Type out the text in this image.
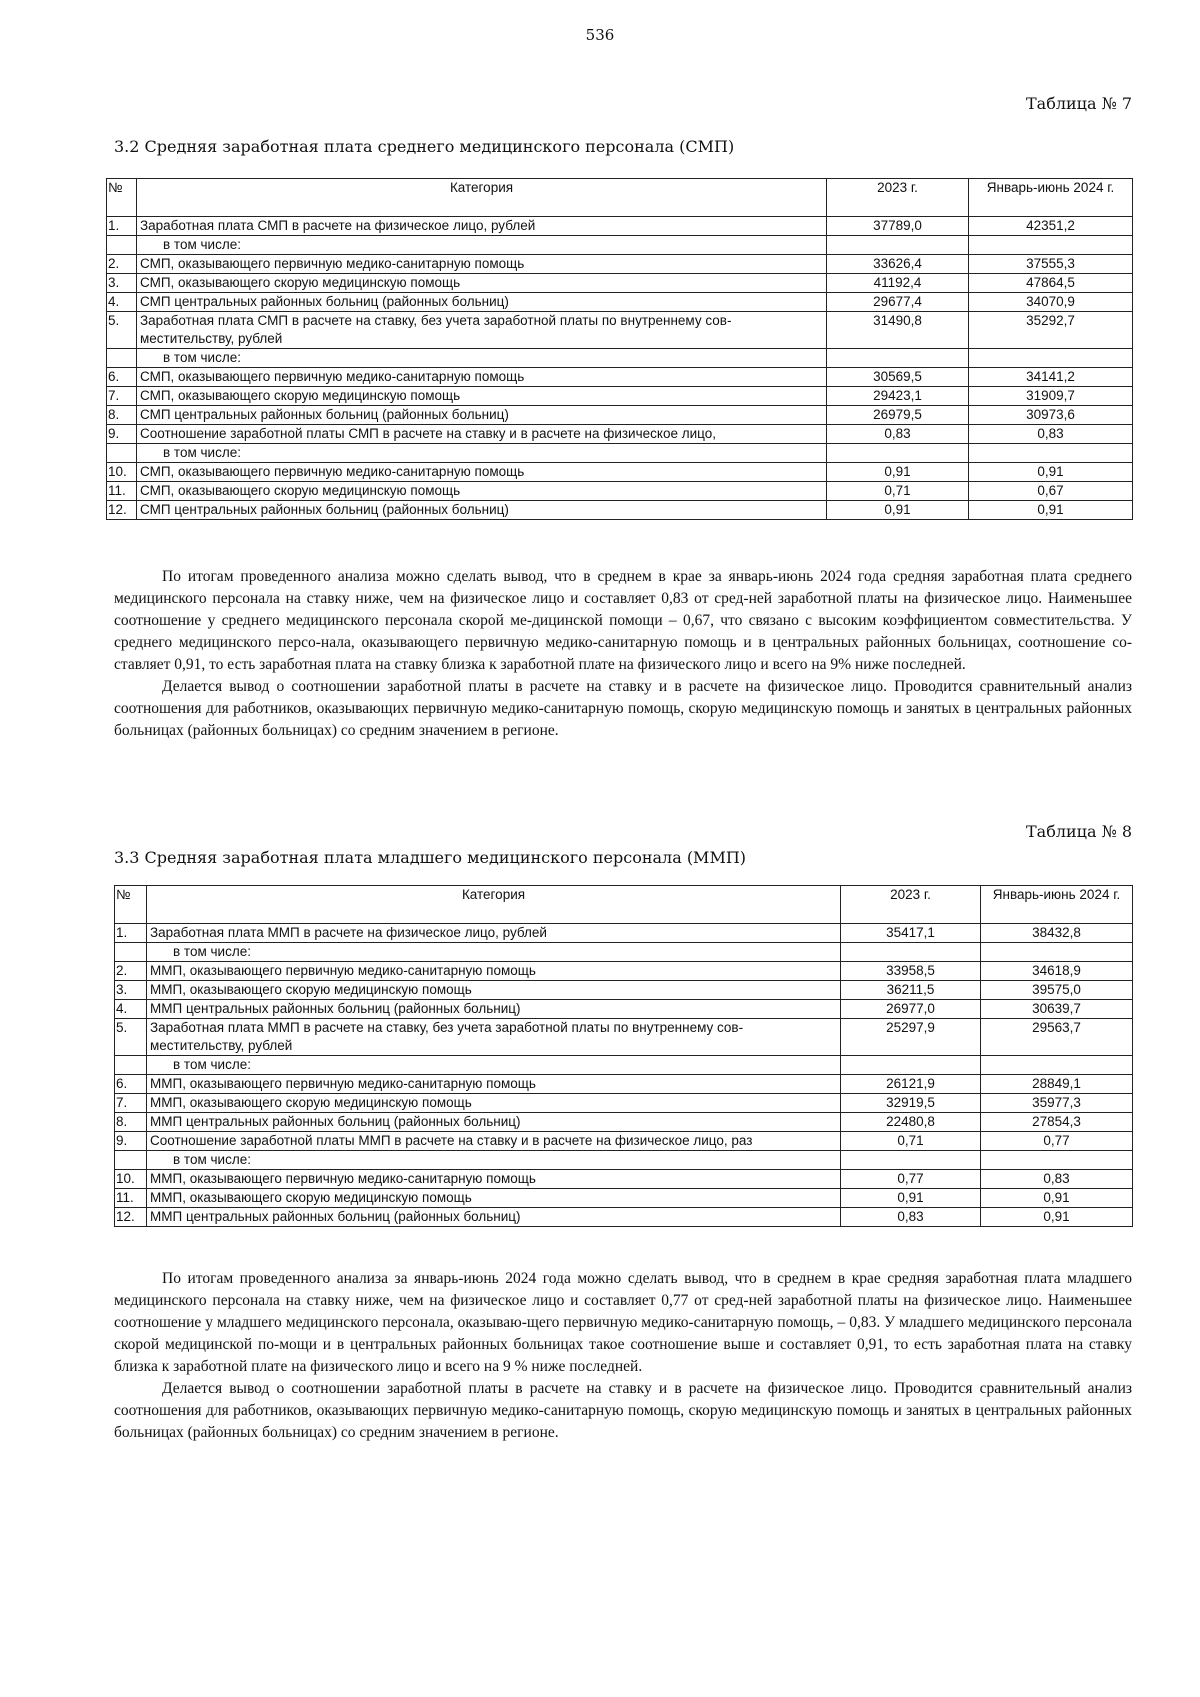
536
Таблица № 7
3.2 Средняя заработная плата среднего медицинского персонала (СМП)
№	Категория	2023 г.	Январь-июнь 2024 г.
1.	Заработная плата СМП в расчете на физическое лицо, рублей	37789,0	42351,2
	в том числе:		
2.	СМП, оказывающего первичную медико-санитарную помощь	33626,4	37555,3
3.	СМП, оказывающего скорую медицинскую помощь	41192,4	47864,5
4.	СМП центральных районных больниц (районных больниц)	29677,4	34070,9
5.	Заработная плата СМП в расчете на ставку, без учета заработной платы по внутреннему сов-местительству, рублей	31490,8	35292,7
	в том числе:		
6.	СМП, оказывающего первичную медико-санитарную помощь	30569,5	34141,2
7.	СМП, оказывающего скорую медицинскую помощь	29423,1	31909,7
8.	СМП центральных районных больниц (районных больниц)	26979,5	30973,6
9.	Соотношение заработной платы СМП в расчете на ставку и в расчете на физическое лицо,	0,83	0,83
	в том числе:		
10.	СМП, оказывающего первичную медико-санитарную помощь	0,91	0,91
11.	СМП, оказывающего скорую медицинскую помощь	0,71	0,67
12.	СМП центральных районных больниц (районных больниц)	0,91	0,91

По итогам проведенного анализа можно сделать вывод, что в среднем в крае за январь-июнь 2024 года средняя заработная плата среднего медицинского персонала на ставку ниже, чем на физическое лицо и составляет 0,83 от сред-ней заработной платы на физическое лицо. Наименьшее соотношение у среднего медицинского персонала скорой ме-дицинской помощи – 0,67, что связано с высоким коэффициентом совместительства. У среднего медицинского персо-нала, оказывающего первичную медико-санитарную помощь и в центральных районных больницах, соотношение со-ставляет 0,91, то есть заработная плата на ставку близка к заработной плате на физического лицо и всего на 9% ниже последней.

Делается вывод о соотношении заработной платы в расчете на ставку и в расчете на физическое лицо. Проводится сравнительный анализ соотношения для работников, оказывающих первичную медико-санитарную помощь, скорую медицинскую помощь и занятых в центральных районных больницах (районных больницах) со средним значением в регионе.

Таблица № 8
3.3 Средняя заработная плата младшего медицинского персонала (ММП)
№	Категория	2023 г.	Январь-июнь 2024 г.
1.	Заработная плата ММП в расчете на физическое лицо, рублей	35417,1	38432,8
	в том числе:		
2.	ММП, оказывающего первичную медико-санитарную помощь	33958,5	34618,9
3.	ММП, оказывающего скорую медицинскую помощь	36211,5	39575,0
4.	ММП центральных районных больниц (районных больниц)	26977,0	30639,7
5.	Заработная плата ММП в расчете на ставку, без учета заработной платы по внутреннему сов-местительству, рублей	25297,9	29563,7
	в том числе:		
6.	ММП, оказывающего первичную медико-санитарную помощь	26121,9	28849,1
7.	ММП, оказывающего скорую медицинскую помощь	32919,5	35977,3
8.	ММП центральных районных больниц (районных больниц)	22480,8	27854,3
9.	Соотношение заработной платы ММП в расчете на ставку и в расчете на физическое лицо, раз	0,71	0,77
	в том числе:		
10.	ММП, оказывающего первичную медико-санитарную помощь	0,77	0,83
11.	ММП, оказывающего скорую медицинскую помощь	0,91	0,91
12.	ММП центральных районных больниц (районных больниц)	0,83	0,91

По итогам проведенного анализа за январь-июнь 2024 года можно сделать вывод, что в среднем в крае средняя заработная плата младшего медицинского персонала на ставку ниже, чем на физическое лицо и составляет 0,77 от сред-ней заработной платы на физическое лицо. Наименьшее соотношение у младшего медицинского персонала, оказываю-щего первичную медико-санитарную помощь, – 0,83. У младшего медицинского персонала скорой медицинской по-мощи и в центральных районных больницах такое соотношение выше и составляет 0,91, то есть заработная плата на ставку близка к заработной плате на физического лицо и всего на 9 % ниже последней.

Делается вывод о соотношении заработной платы в расчете на ставку и в расчете на физическое лицо. Проводится сравнительный анализ соотношения для работников, оказывающих первичную медико-санитарную помощь, скорую медицинскую помощь и занятых в центральных районных больницах (районных больницах) со средним значением в регионе.
